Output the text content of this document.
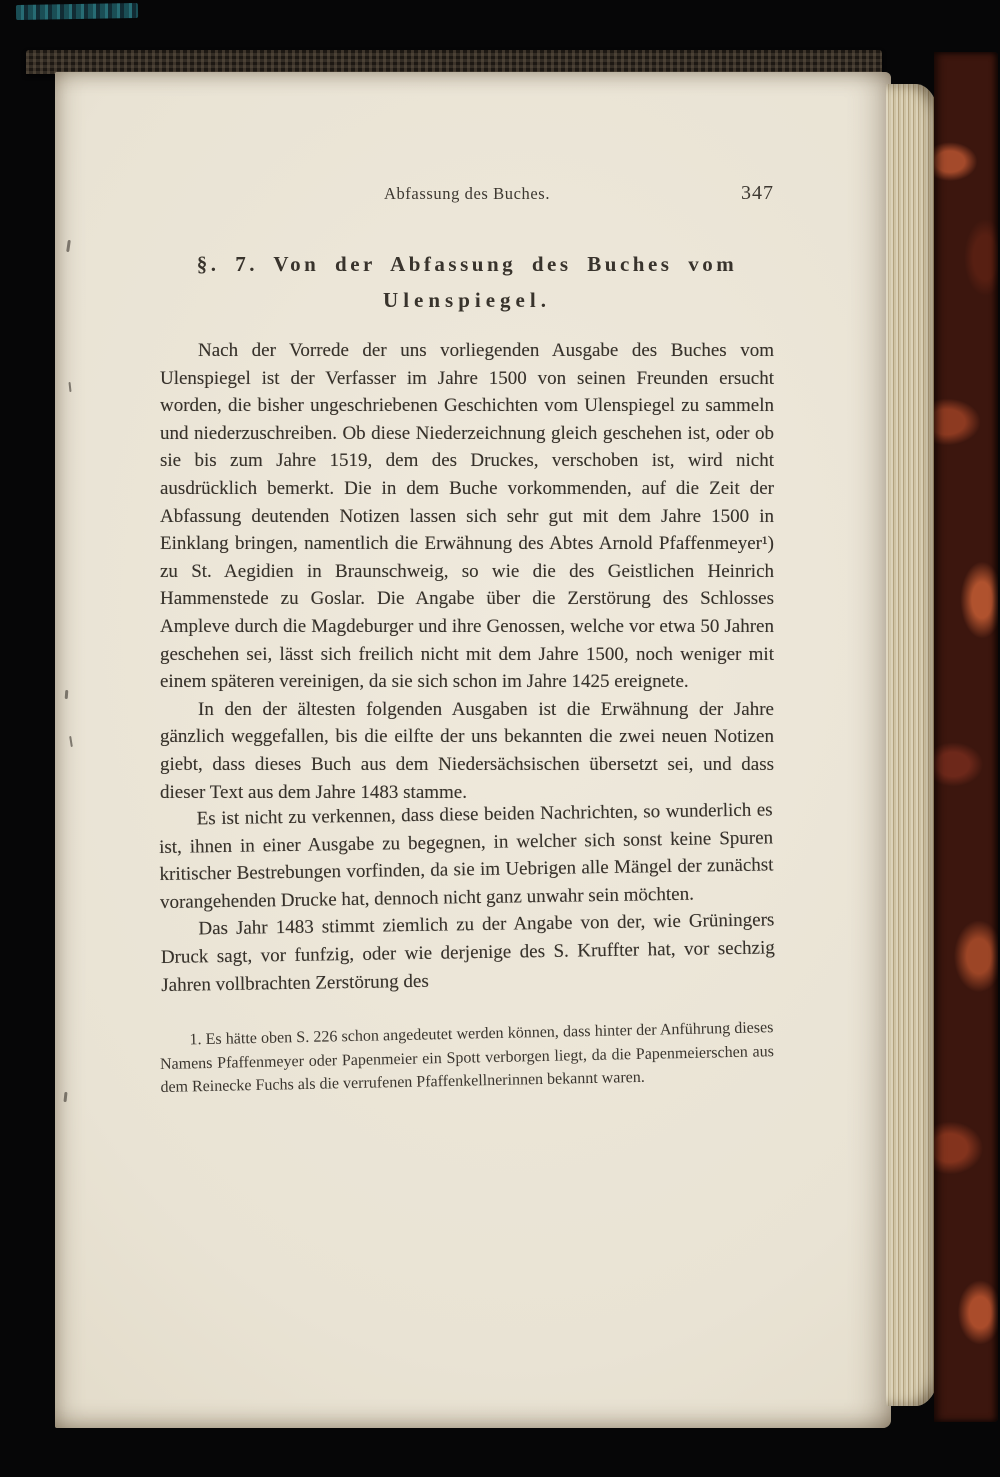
Abfassung des Buches.	347
§. 7. Von der Abfassung des Buches vom
Ulenspiegel.

Nach der Vorrede der uns vorliegenden Ausgabe des Buches vom Ulenspiegel ist der Verfasser im Jahre 1500 von seinen Freunden ersucht worden, die bisher ungeschriebenen Geschichten vom Ulenspiegel zu sammeln und niederzuschreiben. Ob diese Niederzeichnung gleich geschehen ist, oder ob sie bis zum Jahre 1519, dem des Druckes, verschoben ist, wird nicht ausdrücklich bemerkt. Die in dem Buche vorkommenden, auf die Zeit der Abfassung deutenden Notizen lassen sich sehr gut mit dem Jahre 1500 in Einklang bringen, namentlich die Erwähnung des Abtes Arnold Pfaffenmeyer¹) zu St. Aegidien in Braunschweig, so wie die des Geistlichen Heinrich Hammenstede zu Goslar. Die Angabe über die Zerstörung des Schlosses Ampleve durch die Magdeburger und ihre Genossen, welche vor etwa 50 Jahren geschehen sei, lässt sich freilich nicht mit dem Jahre 1500, noch weniger mit einem späteren vereinigen, da sie sich schon im Jahre 1425 ereignete.

In den der ältesten folgenden Ausgaben ist die Erwähnung der Jahre gänzlich weggefallen, bis die eilfte der uns bekannten die zwei neuen Notizen giebt, dass dieses Buch aus dem Niedersächsischen übersetzt sei, und dass dieser Text aus dem Jahre 1483 stamme.

Es ist nicht zu verkennen, dass diese beiden Nachrichten, so wunderlich es ist, ihnen in einer Ausgabe zu begegnen, in welcher sich sonst keine Spuren kritischer Bestrebungen vorfinden, da sie im Uebrigen alle Mängel der zunächst vorangehenden Drucke hat, dennoch nicht ganz unwahr sein möchten.

Das Jahr 1483 stimmt ziemlich zu der Angabe von der, wie Grüningers Druck sagt, vor funfzig, oder wie derjenige des S. Kruffter hat, vor sechzig Jahren vollbrachten Zerstörung des

1. Es hätte oben S. 226 schon angedeutet werden können, dass hinter der Anführung dieses Namens Pfaffenmeyer oder Papenmeier ein Spott verborgen liegt, da die Papenmeierschen aus dem Reinecke Fuchs als die verrufenen Pfaffenkellnerinnen bekannt waren.
